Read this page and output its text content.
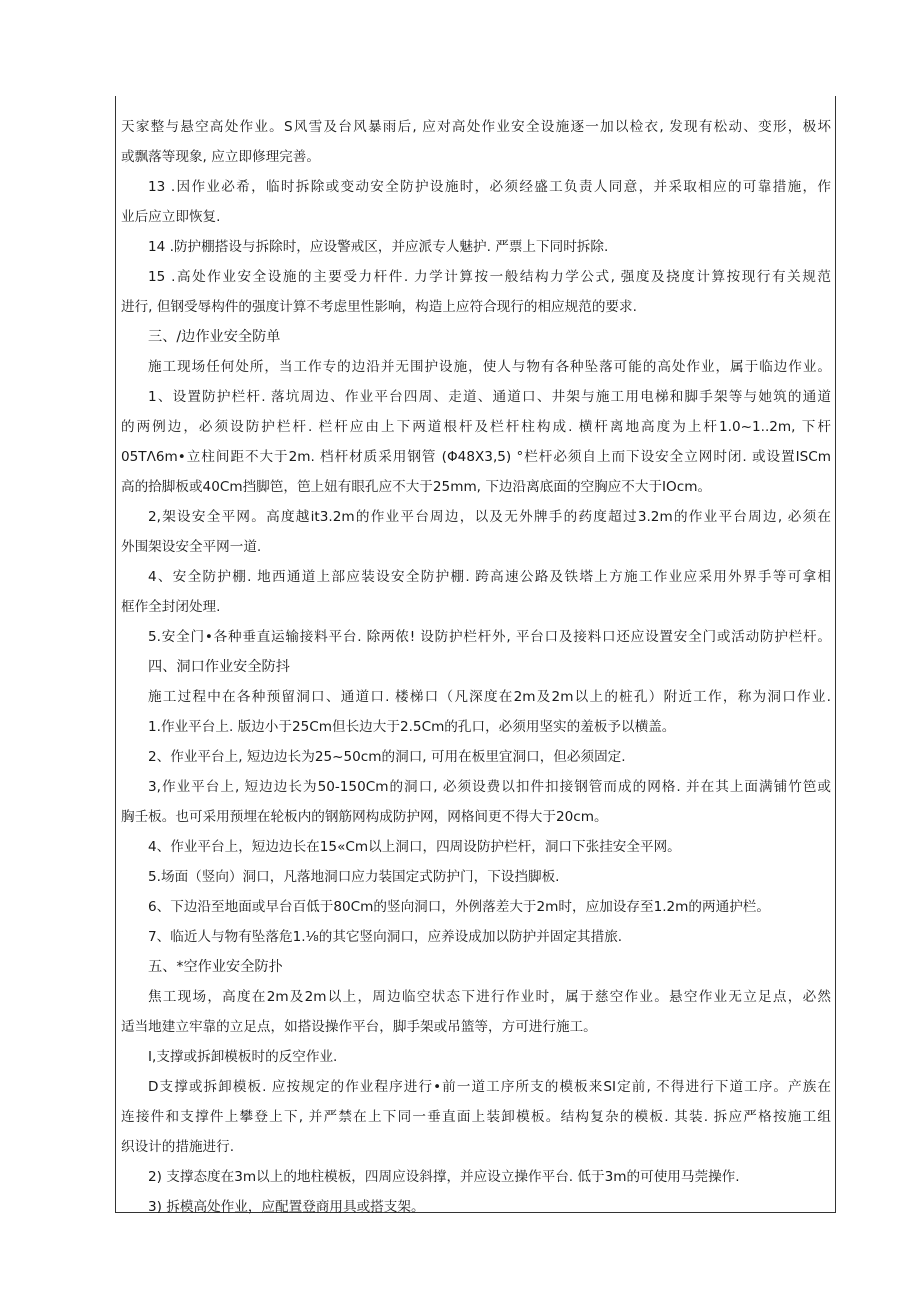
天家整与悬空高处作业。S风雪及台风暴雨后, 应对高处作业安全设施逐一加以检衣, 发现有松动、变形，极坏
或飘落等现象, 应立即修理完善。
13 .因作业必希，临时拆除或变动安全防护设施时，必须经盛工负责人同意，并采取相应的可靠措施，作
业后应立即恢复.
14 .防护棚搭设与拆除时，应设警戒区，并应派专人魅护. 严票上下同时拆除.
15 .高处作业安全设施的主要受力杆件. 力学计算按一般结构力学公式, 强度及挠度计算按现行有关规范
进行, 但钢受辱构件的强度计算不考虑里性影响，构造上应符合现行的相应规范的要求.
三、/边作业安全防单
施工现场任何处所，当工作专的边沿并无围护设施，使人与物有各种坠落可能的高处作业，属于临边作业。
1、设置防护栏杆. 落坑周边、作业平台四周、走道、通道口、井架与施工用电梯和脚手架等与她筑的通道
的两例边，必须设防护栏杆. 栏杆应由上下两道根杆及栏杆柱构成. 横杆离地高度为上杆1.0~1..2m, 下杆
05TΛ6m•立柱间距不大于2m. 档杆材质采用钢管 (Φ48X3,5) °栏杆必须自上而下设安全立网时闭. 或设置ISCm
高的拾脚板或40Cm挡脚笆，笆上妞有眼孔应不大于25mm, 下边沿离底面的空胸应不大于IOcm。
2,架设安全平网。高度越it3.2m的作业平台周边，以及无外牌手的药度超过3.2m的作业平台周边, 必须在
外围架设安全平网一道.
4、安全防护棚. 地西通道上部应装设安全防护棚. 跨高速公路及铁塔上方施工作业应采用外界手等可拿相
框作全封闭处理.
5.安全门•各种垂直运输接料平台. 除两侬! 设防护栏杆外, 平台口及接料口还应设置安全门或活动防护栏杆。
四、洞口作业安全防抖
施工过程中在各种预留洞口、通道口. 楼梯口（凡深度在2m及2m以上的桩孔）附近工作，称为洞口作业.
1.作业平台上. 版边小于25Cm但长边大于2.5Cm的孔口，必须用坚实的羞板予以横盖。
2、作业平台上, 短边边长为25~50cm的洞口, 可用在板里宜洞口，但必须固定.
3,作业平台上, 短边边长为50-150Cm的洞口, 必须设费以扣件扣接钢管而成的网格. 并在其上面满铺竹笆或
胸壬板。也可采用预埋在轮板内的钢筋网构成防护网，网格间更不得大于20cm。
4、作业平台上，短边边长在15«Cm以上洞口，四周设防护栏杆，洞口下张挂安全平网。
5.场面（竖向）洞口，凡落地洞口应力装国定式防护门，下设挡脚板.
6、下边沿至地面或早台百低于80Cm的竖向洞口，外例落差大于2m时，应加设存至1.2m的两通护栏。
7、临近人与物有坠落危1.⅛的其它竖向洞口，应养设成加以防护并固定其措旅.
五、*空作业安全防扑
焦工现场，高度在2m及2m以上，周边临空状态下进行作业时，属于慈空作业。悬空作业无立足点，必然
适当地建立牢靠的立足点，如搭设操作平台，脚手架或吊篮等，方可进行施工。
I,支撑或拆卸模板时的反空作业.
D支撑或拆卸模板. 应按规定的作业程序进行•前一道工序所支的模板来SI定前, 不得进行下道工序。产族在
连接件和支撑件上攀登上下, 并严禁在上下同一垂直面上装卸模板。结构复杂的模板. 其装. 拆应严格按施工组
织设计的措施进行.
2) 支撑态度在3m以上的地柱模板，四周应设斜撑，并应设立操作平台. 低于3m的可使用马莞操作.
3) 拆模高处作业，应配置登商用具或搭支架。
